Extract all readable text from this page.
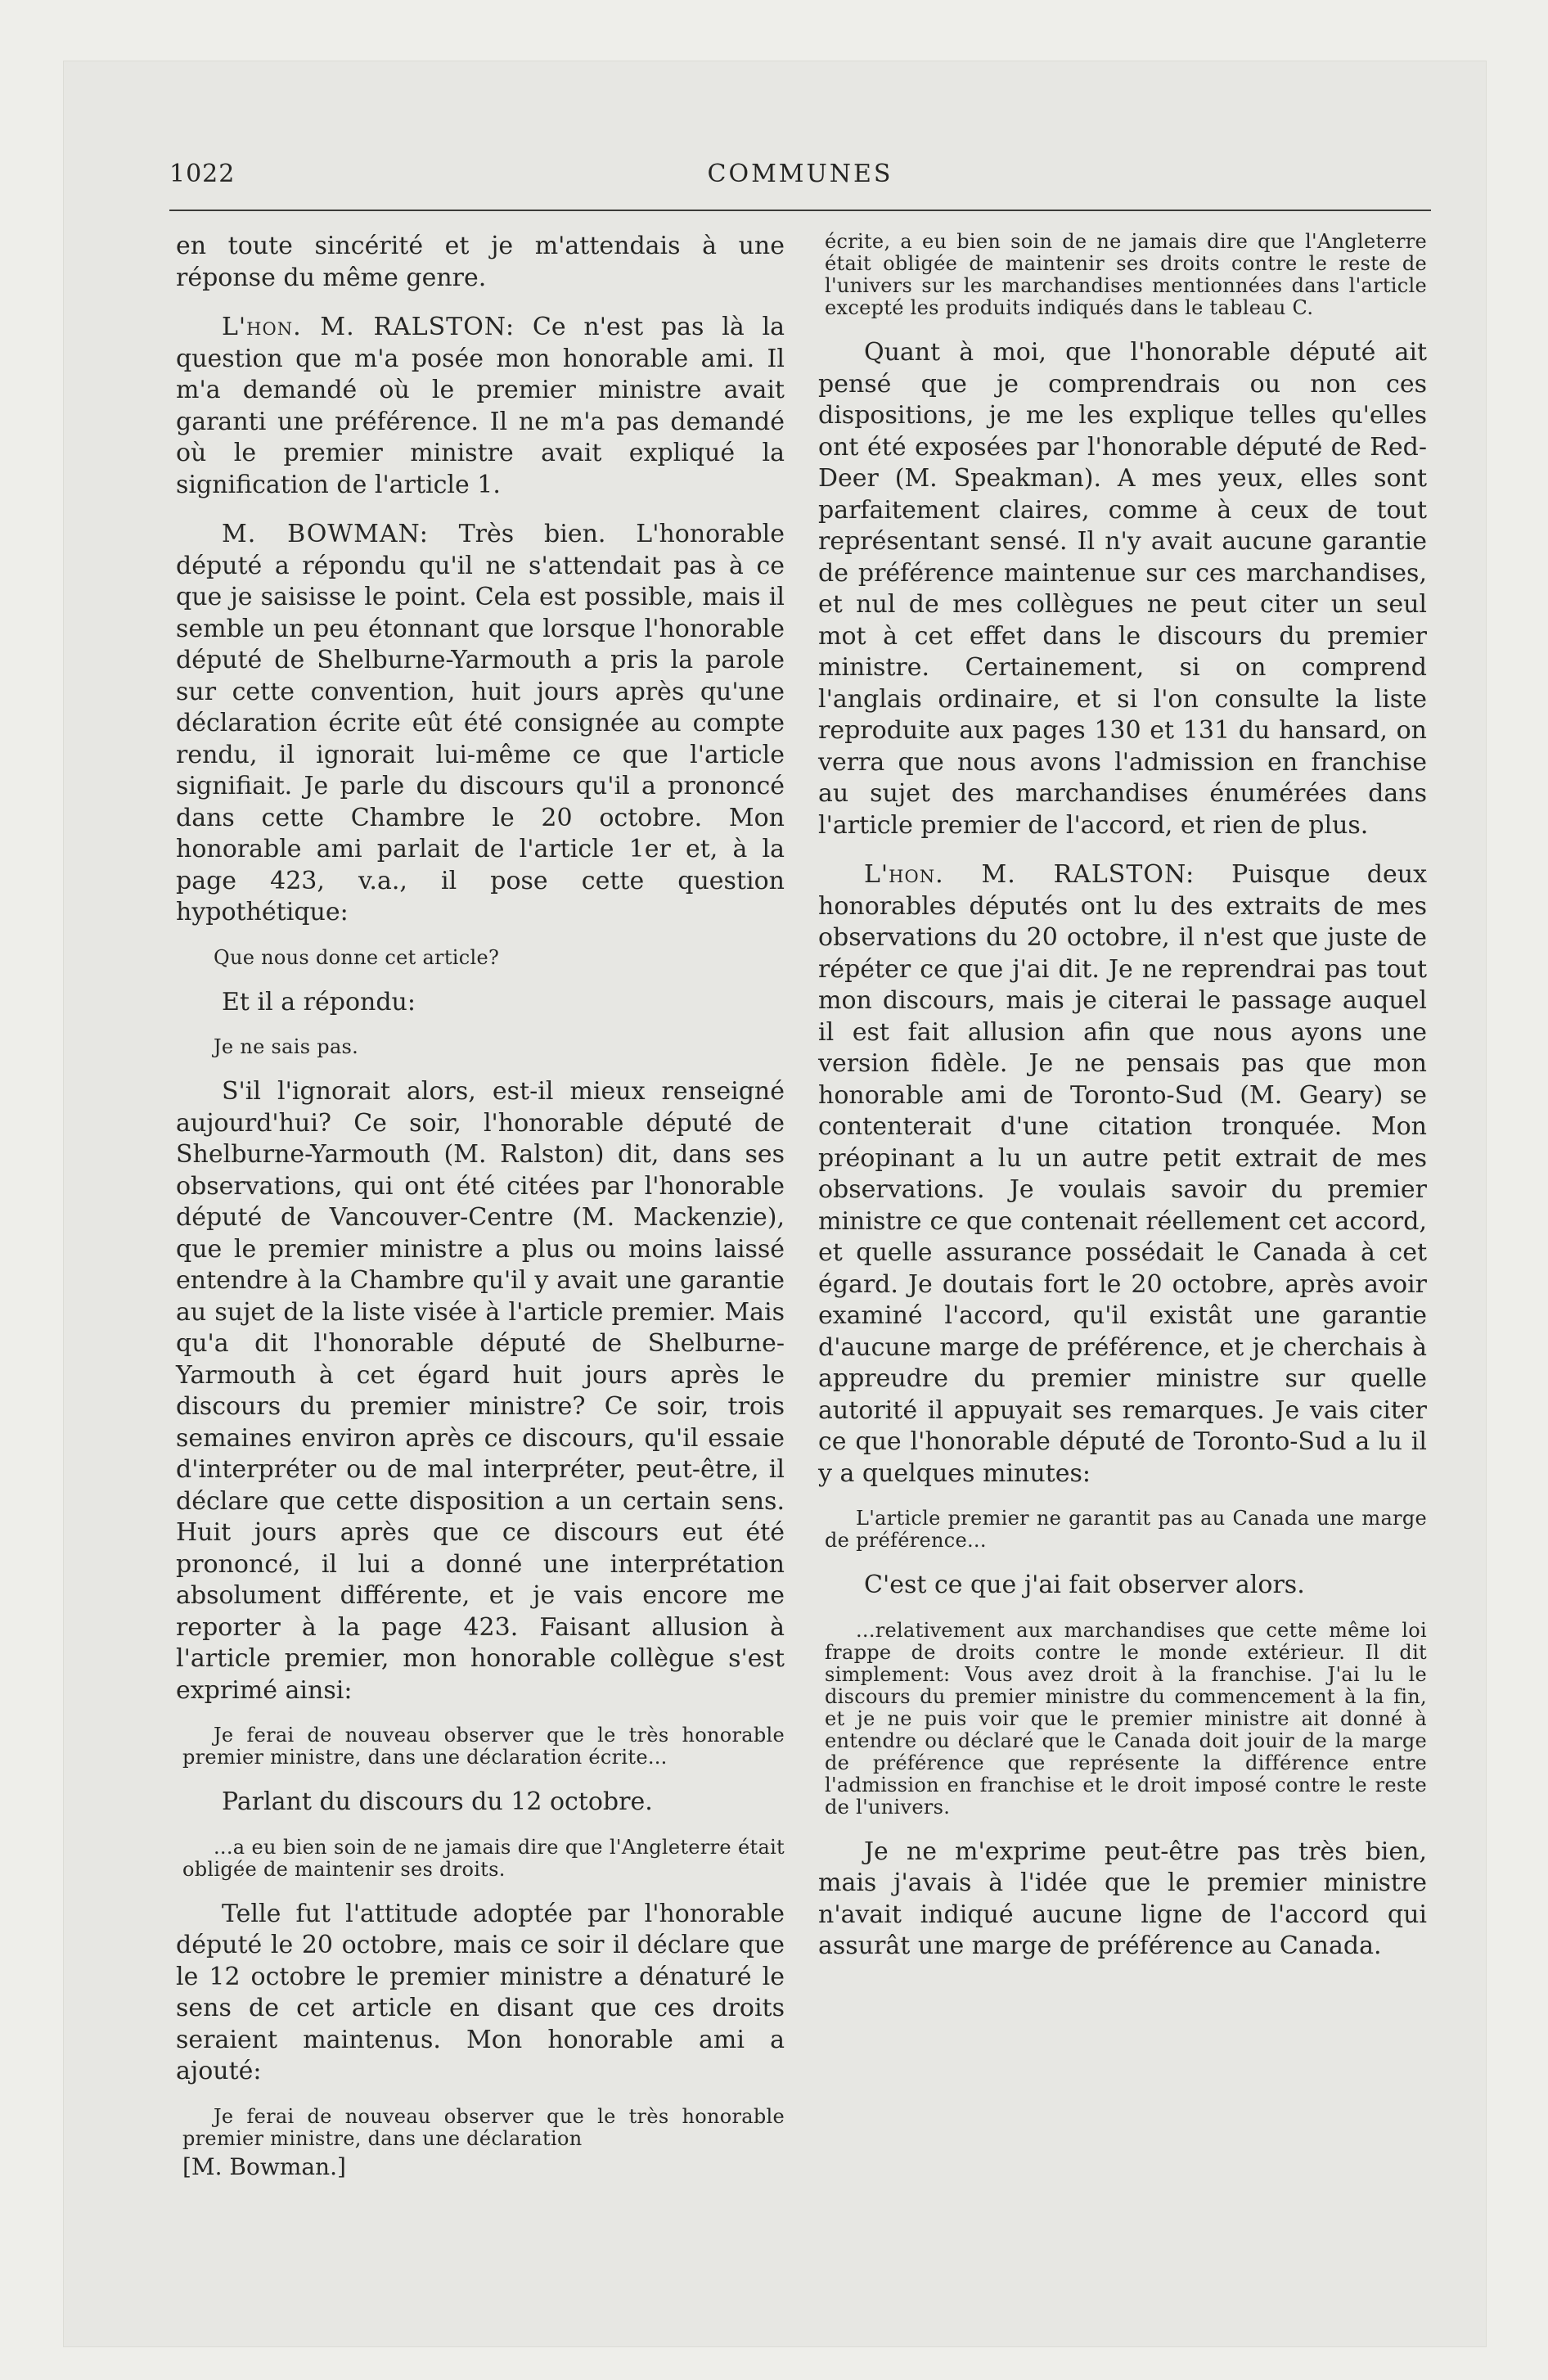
COMMUNES
1022

en toute sincérité et je m'attendais à une réponse du même genre.

L'hon. M. RALSTON: Ce n'est pas là la question que m'a posée mon honorable ami. Il m'a demandé où le premier ministre avait garanti une préférence. Il ne m'a pas demandé où le premier ministre avait expliqué la signification de l'article 1.

M. BOWMAN: Très bien. L'honorable député a répondu qu'il ne s'attendait pas à ce que je saisisse le point. Cela est possible, mais il semble un peu étonnant que lorsque l'honorable député de Shelburne-Yarmouth a pris la parole sur cette convention, huit jours après qu'une déclaration écrite eût été consignée au compte rendu, il ignorait lui-même ce que l'article signifiait. Je parle du discours qu'il a prononcé dans cette Chambre le 20 octobre. Mon honorable ami parlait de l'article 1er et, à la page 423, v.a., il pose cette question hypothétique:

Que nous donne cet article?

Et il a répondu:

Je ne sais pas.

S'il l'ignorait alors, est-il mieux renseigné aujourd'hui? Ce soir, l'honorable député de Shelburne-Yarmouth (M. Ralston) dit, dans ses observations, qui ont été citées par l'honorable député de Vancouver-Centre (M. Mackenzie), que le premier ministre a plus ou moins laissé entendre à la Chambre qu'il y avait une garantie au sujet de la liste visée à l'article premier. Mais qu'a dit l'honorable député de Shelburne-Yarmouth à cet égard huit jours après le discours du premier ministre? Ce soir, trois semaines environ après ce discours, qu'il essaie d'interpréter ou de mal interpréter, peut-être, il déclare que cette disposition a un certain sens. Huit jours après que ce discours eut été prononcé, il lui a donné une interprétation absolument différente, et je vais encore me reporter à la page 423. Faisant allusion à l'article premier, mon honorable collègue s'est exprimé ainsi:

Je ferai de nouveau observer que le très honorable premier ministre, dans une déclaration écrite...

Parlant du discours du 12 octobre.

...a eu bien soin de ne jamais dire que l'Angleterre était obligée de maintenir ses droits.

Telle fut l'attitude adoptée par l'honorable député le 20 octobre, mais ce soir il déclare que le 12 octobre le premier ministre a dénaturé le sens de cet article en disant que ces droits seraient maintenus. Mon honorable ami a ajouté:

Je ferai de nouveau observer que le très honorable premier ministre, dans une déclaration

[M. Bowman.]

écrite, a eu bien soin de ne jamais dire que l'Angleterre était obligée de maintenir ses droits contre le reste de l'univers sur les marchandises mentionnées dans l'article excepté les produits indiqués dans le tableau C.

Quant à moi, que l'honorable député ait pensé que je comprendrais ou non ces dispositions, je me les explique telles qu'elles ont été exposées par l'honorable député de Red-Deer (M. Speakman). A mes yeux, elles sont parfaitement claires, comme à ceux de tout représentant sensé. Il n'y avait aucune garantie de préférence maintenue sur ces marchandises, et nul de mes collègues ne peut citer un seul mot à cet effet dans le discours du premier ministre. Certainement, si on comprend l'anglais ordinaire, et si l'on consulte la liste reproduite aux pages 130 et 131 du hansard, on verra que nous avons l'admission en franchise au sujet des marchandises énumérées dans l'article premier de l'accord, et rien de plus.

L'hon. M. RALSTON: Puisque deux honorables députés ont lu des extraits de mes observations du 20 octobre, il n'est que juste de répéter ce que j'ai dit. Je ne reprendrai pas tout mon discours, mais je citerai le passage auquel il est fait allusion afin que nous ayons une version fidèle. Je ne pensais pas que mon honorable ami de Toronto-Sud (M. Geary) se contenterait d'une citation tronquée. Mon préopinant a lu un autre petit extrait de mes observations. Je voulais savoir du premier ministre ce que contenait réellement cet accord, et quelle assurance possédait le Canada à cet égard. Je doutais fort le 20 octobre, après avoir examiné l'accord, qu'il existât une garantie d'aucune marge de préférence, et je cherchais à appreudre du premier ministre sur quelle autorité il appuyait ses remarques. Je vais citer ce que l'honorable député de Toronto-Sud a lu il y a quelques minutes:

L'article premier ne garantit pas au Canada une marge de préférence...

C'est ce que j'ai fait observer alors.

...relativement aux marchandises que cette même loi frappe de droits contre le monde extérieur. Il dit simplement: Vous avez droit à la franchise. J'ai lu le discours du premier ministre du commencement à la fin, et je ne puis voir que le premier ministre ait donné à entendre ou déclaré que le Canada doit jouir de la marge de préférence que représente la différence entre l'admission en franchise et le droit imposé contre le reste de l'univers.

Je ne m'exprime peut-être pas très bien, mais j'avais à l'idée que le premier ministre n'avait indiqué aucune ligne de l'accord qui assurât une marge de préférence au Canada.
